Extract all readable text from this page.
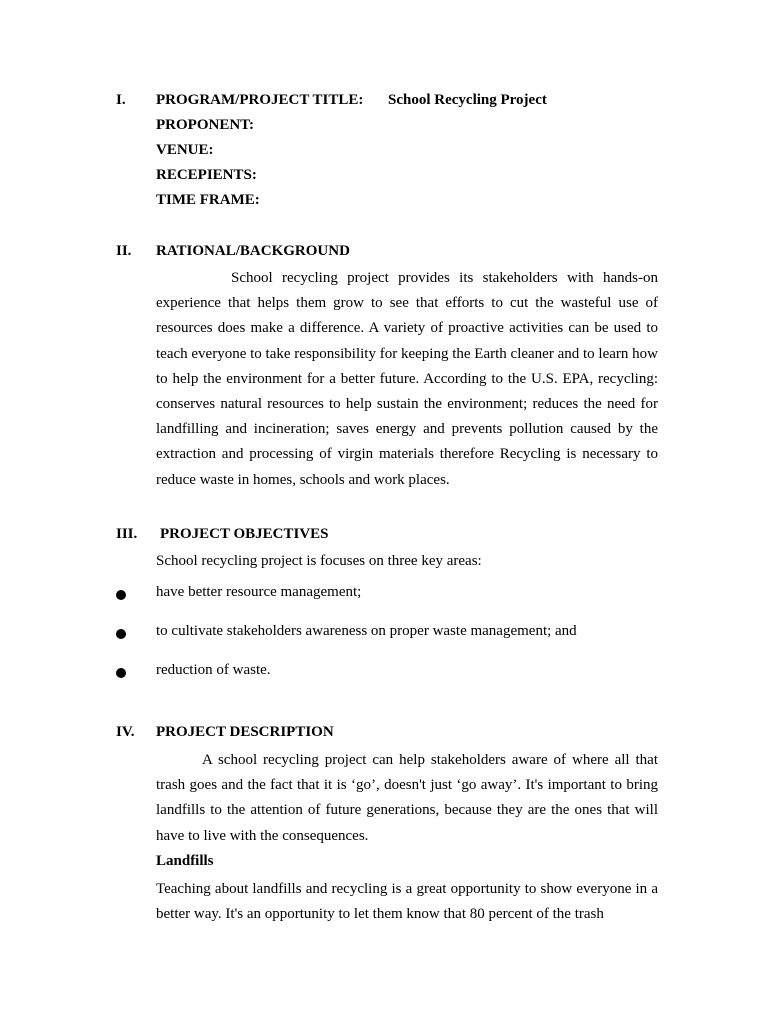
I. PROGRAM/PROJECT TITLE: School Recycling Project
PROPONENT:
VENUE:
RECEPIENTS:
TIME FRAME:
II. RATIONAL/BACKGROUND

School recycling project provides its stakeholders with hands-on experience that helps them grow to see that efforts to cut the wasteful use of resources does make a difference. A variety of proactive activities can be used to teach everyone to take responsibility for keeping the Earth cleaner and to learn how to help the environment for a better future. According to the U.S. EPA, recycling: conserves natural resources to help sustain the environment; reduces the need for landfilling and incineration; saves energy and prevents pollution caused by the extraction and processing of virgin materials therefore Recycling is necessary to reduce waste in homes, schools and work places.

III. PROJECT OBJECTIVES
School recycling project is focuses on three key areas:
have better resource management;
to cultivate stakeholders awareness on proper waste management; and
reduction of waste.
IV. PROJECT DESCRIPTION

A school recycling project can help stakeholders aware of where all that trash goes and the fact that it is ‘go’, doesn't just ‘go away’. It's important to bring landfills to the attention of future generations, because they are the ones that will have to live with the consequences.

Landfills

Teaching about landfills and recycling is a great opportunity to show everyone in a better way. It's an opportunity to let them know that 80 percent of the trash
